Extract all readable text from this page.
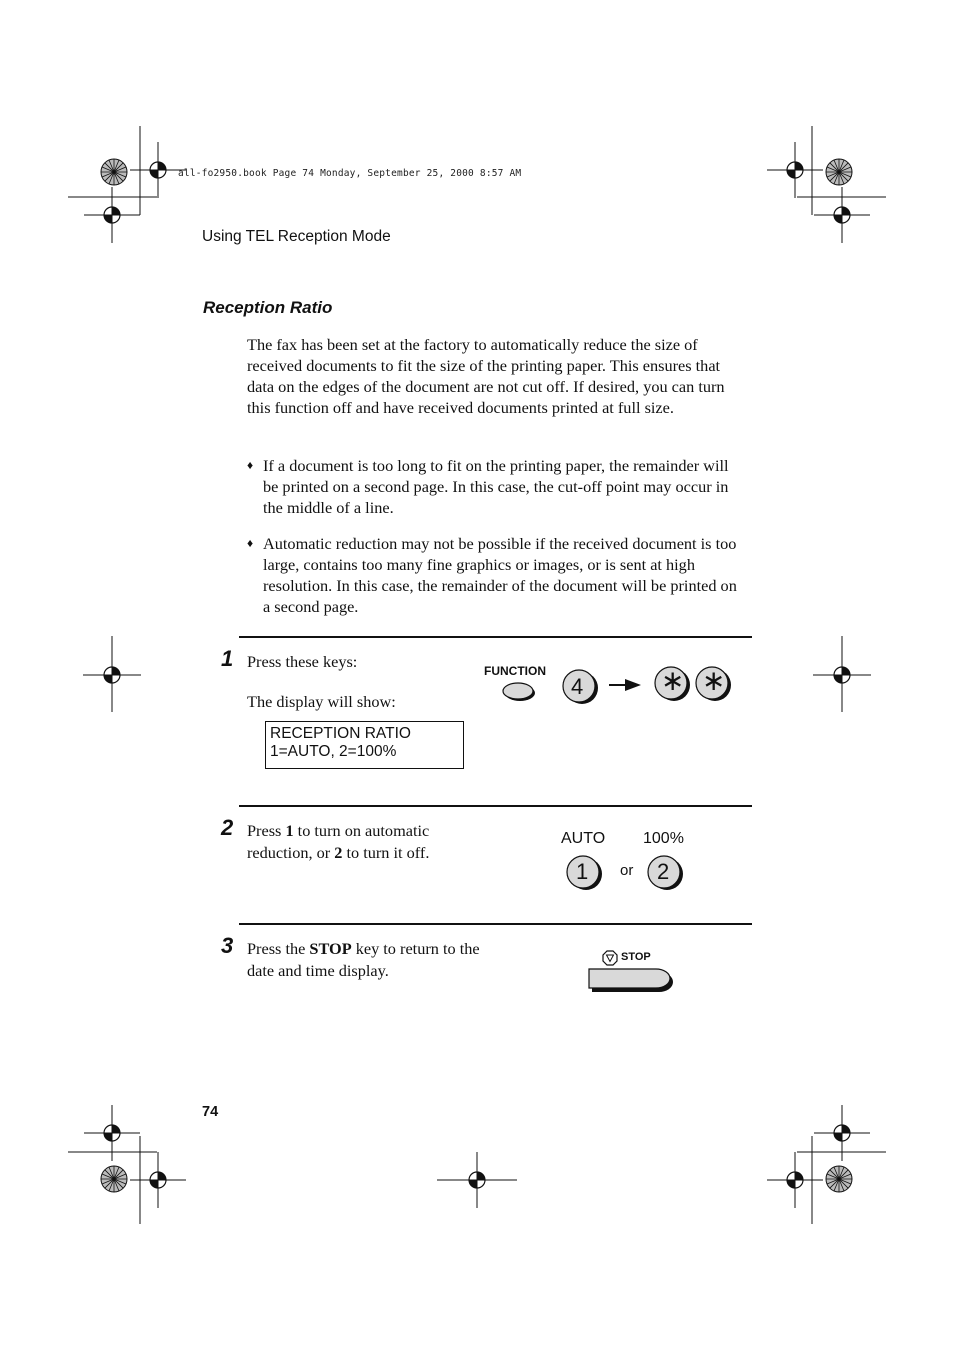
all-fo2950.book Page 74 Monday, September 25, 2000 8:57 AM
Using TEL Reception Mode
Reception Ratio
The fax has been set at the factory to automatically reduce the size of received documents to fit the size of the printing paper. This ensures that data on the edges of the document are not cut off. If desired, you can turn this function off and have received documents printed at full size.
♦ If a document is too long to fit on the printing paper, the remainder will be printed on a second page. In this case, the cut-off point may occur in the middle of a line.
♦ Automatic reduction may not be possible if the received document is too large, contains too many fine graphics or images, or is sent at high resolution. In this case, the remainder of the document will be printed on a second page.
1 Press these keys:
The display will show:
RECEPTION RATIO
1=AUTO, 2=100%
FUNCTION
4	∗ ∗
2 Press 1 to turn on automatic
reduction, or 2 to turn it off.
AUTO 100%
1 or 2
3 Press the STOP key to return to the
date and time display.
STOP
74
